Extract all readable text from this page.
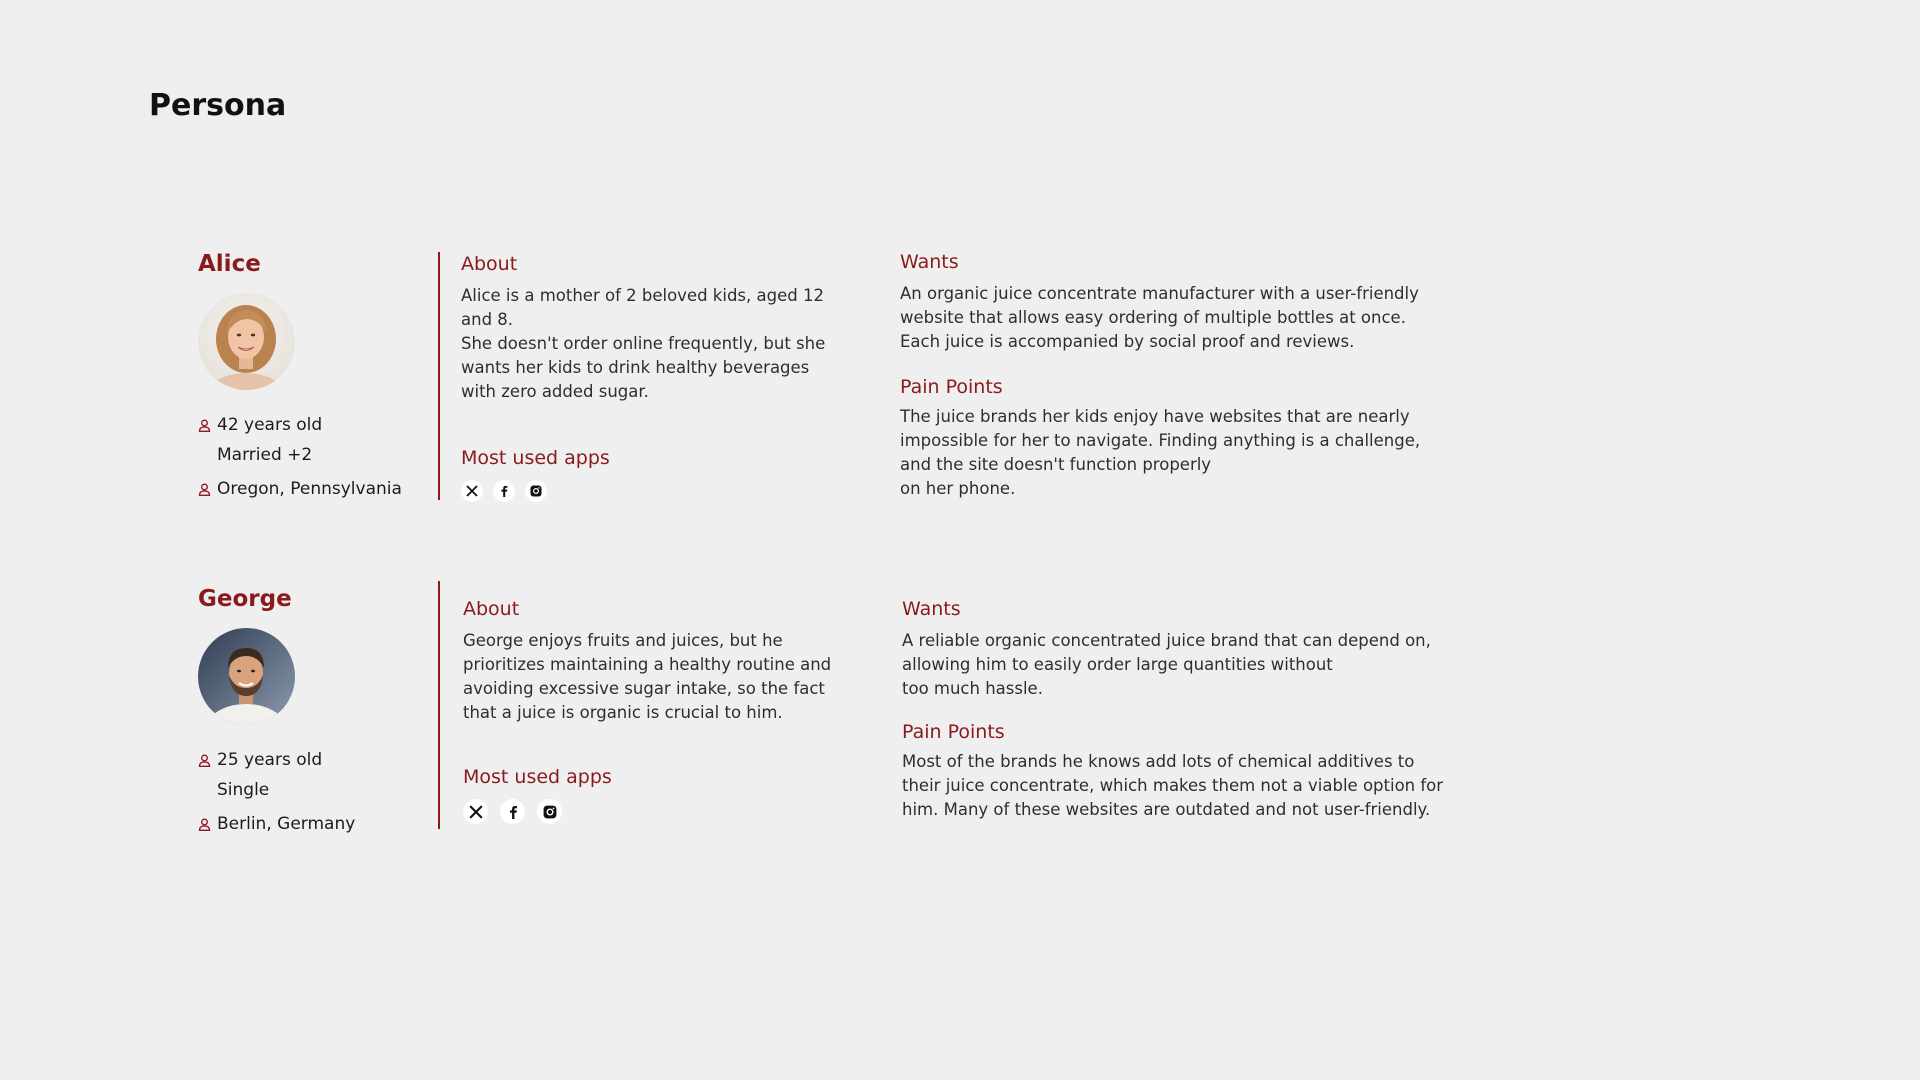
Persona
Alice
42 years old
Married +2
Oregon, Pennsylvania
About

Alice is a mother of 2 beloved kids, aged 12
and 8.
She doesn't order online frequently, but she
wants her kids to drink healthy beverages
with zero added sugar.

Most used apps
Wants

An organic juice concentrate manufacturer with a user-friendly
website that allows easy ordering of multiple bottles at once.
Each juice is accompanied by social proof and reviews.

Pain Points

The juice brands her kids enjoy have websites that are nearly
impossible for her to navigate. Finding anything is a challenge,
and the site doesn't function properly
on her phone.

George
25 years old
Single
Berlin, Germany
About

George enjoys fruits and juices, but he
prioritizes maintaining a healthy routine and
avoiding excessive sugar intake, so the fact
that a juice is organic is crucial to him.

Most used apps
Wants

A reliable organic concentrated juice brand that can depend on,
allowing him to easily order large quantities without
too much hassle.

Pain Points

Most of the brands he knows add lots of chemical additives to
their juice concentrate, which makes them not a viable option for
him. Many of these websites are outdated and not user-friendly.
